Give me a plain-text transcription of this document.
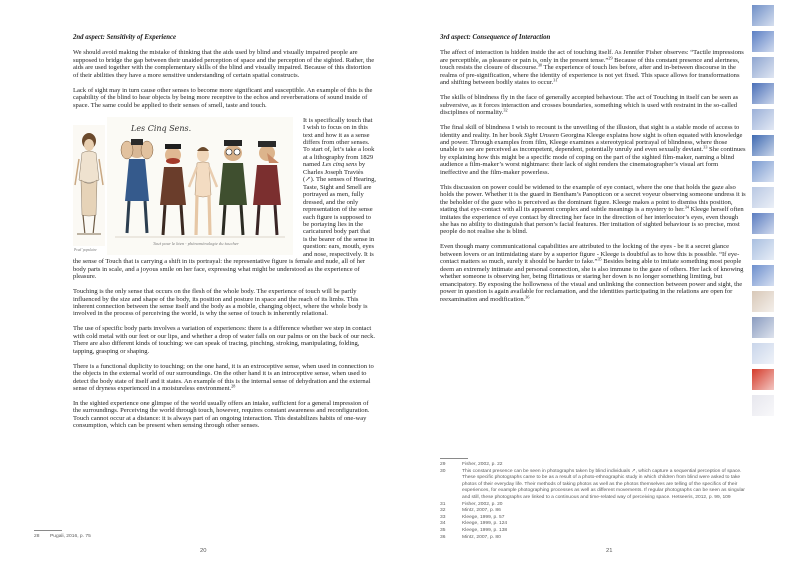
2nd aspect: Sensitivity of Experience

We should avoid making the mistake of thinking that the aids used by blind and visually impaired people are supposed to bridge the gap between their unaided perception of space and the perception of the sighted. Rather, the aids are used together with the complementary skills of the blind and visually impaired. Because of this distortion of their abilities they have a more sensitive understanding of certain spatial constructs.

Lack of sight may in turn cause other senses to become more significant and susceptible. An example of this is the capability of the blind to hear objects by being more receptive to the echos and reverberations of sound inside of space. The same could be applied to their senses of smell, taste and touch.

Prud’ populaire
Les Cinq Sens.
Tout pour le bien - phénoménologie du toucher
It is specifically touch that I wish to focus on in this text and how it as a sense differs from other senses. To start of, let’s take a look at a lithography from 1829 named Les cinq sens by Charles Joseph Traviès (↗). The senses of Hearing, Taste, Sight and Smell are portrayed as men, fully dressed, and the only representation of the sense each figure is supposed to be portaying lies in the caricatured body part that is the bearer of the sense in question: ears, mouth, eyes and nose, respectively. It is the sense of Touch that is carrying a shift in its portrayal: the representative figure is female and nude, all of her body parts in scale, and a joyous smile on her face, expressing what might be understood as the experience of pleasure.

Touching is the only sense that occurs on the flesh of the whole body. The experience of touch will be partly influenced by the size and shape of the body, its position and posture in space and the reach of its limbs. This inherent connection between the sense itself and the body as a mobile, changing object, where the whole body is involved in the process of perceiving the world, is why the sense of touch is inherently relational.

The use of specific body parts involves a variation of experiences: there is a difference whether we step in contact with cold metal with our feet or our lips, and whether a drop of water falls on our palms or on the back of our neck. There are also different kinds of touching: we can speak of tracing, pinching, stroking, manipulating, folding, tapping, grasping or shaping.

There is a functional duplicity to touching; on the one hand, it is an extroceptive sense, when used in connection to the objects in the external world of our surroundings. On the other hand it is an introceptive sense, when used to detect the body state of itself and it states. An example of this is the internal sense of dehydration and the external sense of dryness experienced in a moistureless environment.$^{28}$

In the sighted experience one glimpse of the world usually offers an intake, sufficient for a general impression of the surroundings. Perceiving the world through touch, however, requires constant awareness and reconfiguration. Touch cannot occur at a distance: it is always part of an ongoing interaction. This destabilizes habits of one-way consumption, which can be present when sensing through other senses.

28	Pugali, 2016, p. 75
20
3rd aspect: Consequence of Interaction

The affect of interaction is hidden inside the act of touching itself. As Jennifer Fisher observes: “Tactile impressions are perceptible, as pleasure or pain is, only in the present tense.”$^{29}$ Because of this constant presence and alertness, touch resists the closure of discourse.$^{30}$ The experience of touch lies before, after and in-between discourse in the realms of pre-signification, where the identity of experience is not yet fixed. This space allows for transformations and shifting between bodily states to occur.$^{31}$

The skills of blindness fly in the face of generally accepted behaviour. The act of Touching in itself can be seen as subversive, as it forces interaction and crosses boundaries, something which is used with restraint in the so-called disciplines of normality.$^{32}$

The final skill of blindness I wish to recount is the unveiling of the illusion, that sight is a stable mode of access to identity and reality. In her book Sight Unseen Georgina Kleege explains how sight is often equated with knowledge and power. Through examples from film, Kleege examines a stereotypical portrayal of blindness, where those unable to see are perceived as incompetent, dependent, potentially unruly and even sexually deviant.$^{33}$ She continues by explaining how this might be a specific mode of coping on the part of the sighted film-maker, naming a blind audience a film-maker’s worst nightmare: their lack of sight renders the cinematographer’s visual art form ineffective and the film-maker powerless.

This discussion on power could be widened to the example of eye contact, where the one that holds the gaze also holds the power. Whether it is the guard in Bentham’s Panopticon or a secret voyeur observing someone undress it is the beholder of the gaze who is perceived as the dominant figure. Kleege makes a point to dismiss this position, stating that eye-contact with all its apparent complex and subtle meanings is a mystery to her.$^{34}$ Kleege herself often imitates the experience of eye contact by directing her face in the direction of her interlocutor’s eyes, even though she has no ability to distinguish that person’s facial features. Her imitation of sighted behaviour is so precise, most people do not realise she is blind.

Even though many communicational capabilities are attributed to the locking of the eyes - be it a secret glance between lovers or an intimidating stare by a superior figure - Kleege is doubtful as to how this is possible. “If eye-contact matters so much, surely it should be harder to fake.”$^{35}$ Besides being able to imitate something most people deem an extremely intimate and personal connection, she is also immune to the gaze of others. Her lack of knowing whether someone is observing her, being flirtatious or staring her down is no longer something limiting, but emancipatory. By exposing the hollowness of the visual and unlinking the connection between power and sight, the power in question is again available for reclamation, and the identities participating in the relations are open for reexamination and modification.$^{36}$

29	Fisher, 2002, p. 22
30	This constant presence can be seen in photographs taken by blind individuals ↗, which capture a sequential perception of space. These specific photographs came to be as a result of a photo-ethnographic study in which children from blind were asked to take photos of their everyday life. Their methods of taking photos as well as the photos themselves are telling of the specifics of their experiences, for example photographing processes as well as different movements. If regular photographs can be seen as singular and still, these photographs are linked to a continuous and time-related way of perceiving space. Hetseeris, 2012, p. 99, 109
31	Fisher, 2002, p. 20
32	Mintz, 2007, p. 86
33	Kleege, 1999, p. 57
34	Kleege, 1999, p. 124
35	Kleege, 1999, p. 138
36	Mintz, 2007, p. 80
21
